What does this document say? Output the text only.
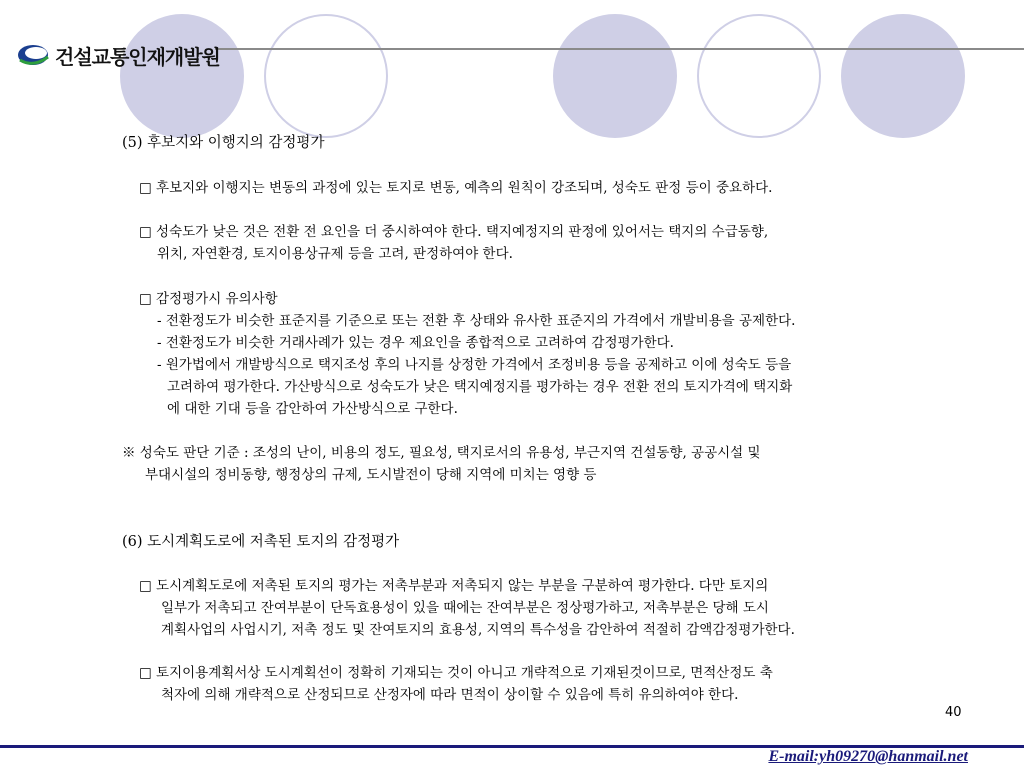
건설교통인재개발원
(5) 후보지와 이행지의 감정평가
□ 후보지와 이행지는 변동의 과정에 있는 토지로 변동, 예측의 원칙이 강조되며, 성숙도 판정 등이 중요하다.
□ 성숙도가 낮은 것은 전환 전 요인을 더 중시하여야 한다. 택지예정지의 판정에 있어서는 택지의 수급동향,
위치, 자연환경, 토지이용상규제 등을 고려, 판정하여야 한다.
□ 감정평가시 유의사항
- 전환정도가 비슷한 표준지를 기준으로 또는 전환 후 상태와 유사한 표준지의 가격에서 개발비용을 공제한다.
- 전환정도가 비슷한 거래사례가 있는 경우 제요인을 종합적으로 고려하여 감정평가한다.
- 원가법에서 개발방식으로 택지조성 후의 나지를 상정한 가격에서 조정비용 등을 공제하고 이에 성숙도 등을
고려하여 평가한다. 가산방식으로 성숙도가 낮은 택지예정지를 평가하는 경우 전환 전의 토지가격에 택지화
에 대한 기대 등을 감안하여 가산방식으로 구한다.
※ 성숙도 판단 기준 : 조성의 난이, 비용의 정도, 필요성, 택지로서의 유용성, 부근지역 건설동향, 공공시설 및
부대시설의 정비동향, 행정상의 규제, 도시발전이 당해 지역에 미치는 영향 등
(6) 도시계획도로에 저촉된 토지의 감정평가
□ 도시계획도로에 저촉된 토지의 평가는 저촉부분과 저촉되지 않는 부분을 구분하여 평가한다. 다만 토지의
일부가 저촉되고 잔여부분이 단독효용성이 있을 때에는 잔여부분은 정상평가하고, 저촉부분은 당해 도시
계획사업의 사업시기, 저촉 정도 및 잔여토지의 효용성, 지역의 특수성을 감안하여 적절히 감액감정평가한다.
□ 토지이용계획서상 도시계획선이 정확히 기재되는 것이 아니고 개략적으로 기재된것이므로, 면적산정도 축
척자에 의해 개략적으로 산정되므로 산정자에 따라 면적이 상이할 수 있음에 특히 유의하여야 한다.
40
E-mail:yh09270@hanmail.net
